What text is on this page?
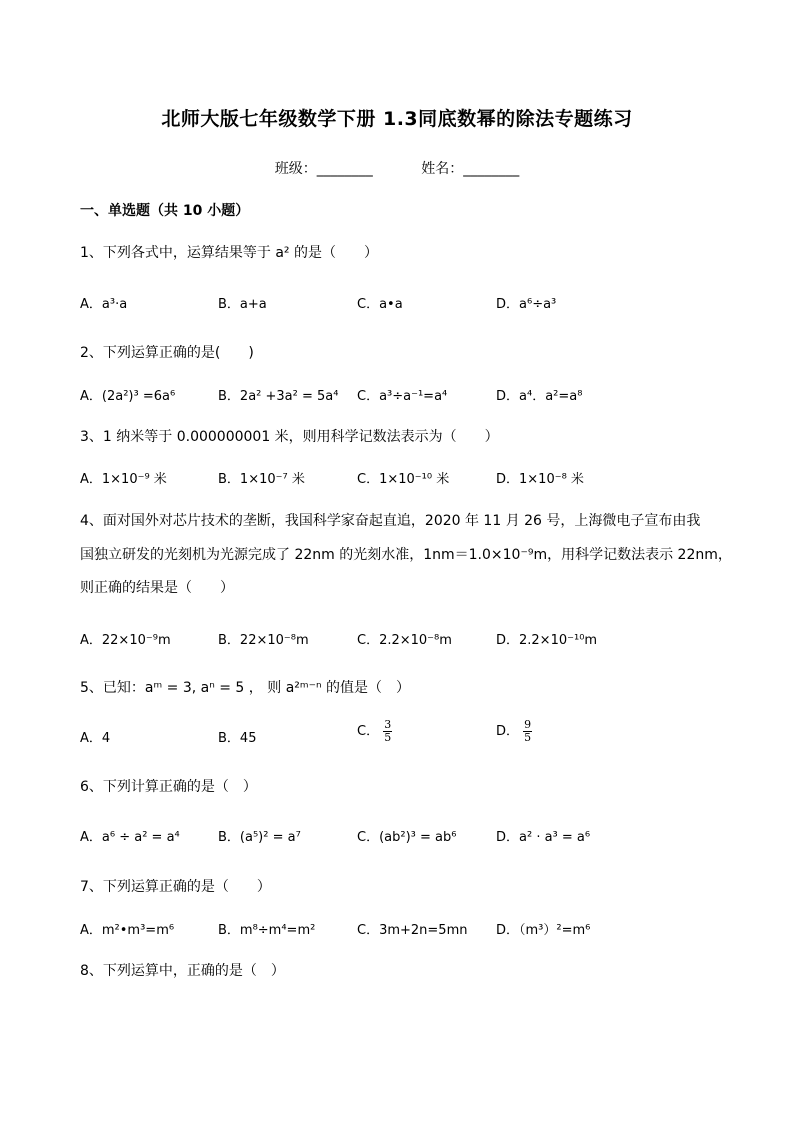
北师大版七年级数学下册 1.3同底数幂的除法专题练习
班级：________	姓名：________
一、单选题（共 10 小题）
1、下列各式中，运算结果等于 a² 的是（　　）
A．a³·a	B．a+a	C．a•a	D．a⁶÷a³
2、下列运算正确的是(　　)
A．(2a²)³ =6a⁶	B．2a² +3a² = 5a⁴ C．a³÷a⁻¹=a⁴	D．a⁴．a²=a⁸
3、1 纳米等于 0.000000001 米，则用科学记数法表示为（　　）
A．1×10⁻⁹ 米	B．1×10⁻⁷ 米	C．1×10⁻¹⁰ 米	D．1×10⁻⁸ 米
4、面对国外对芯片技术的垄断，我国科学家奋起直追，2020 年 11 月 26 号，上海微电子宣布由我
国独立研发的光刻机为光源完成了 22nm 的光刻水准，1nm＝1.0×10⁻⁹m，用科学记数法表示 22nm，
则正确的结果是（　　）
A．22×10⁻⁹m	B．22×10⁻⁸m	C．2.2×10⁻⁸m	D．2.2×10⁻¹⁰m
5、已知：aᵐ = 3, aⁿ = 5 ， 则 a²ᵐ⁻ⁿ 的值是（　）
A．4	B．45	C． $\frac{3}{5}$	D． $\frac{9}{5}$
6、下列计算正确的是（　）
A．a⁶ ÷ a² = a⁴	B．(a⁵)² = a⁷	C．(ab²)³ = ab⁶	D．a² · a³ = a⁶
7、下列运算正确的是（　　）
A．m²•m³=m⁶	B．m⁸÷m⁴=m²	C．3m+2n=5mn D．（m³）²=m⁶
8、下列运算中，正确的是（　）
